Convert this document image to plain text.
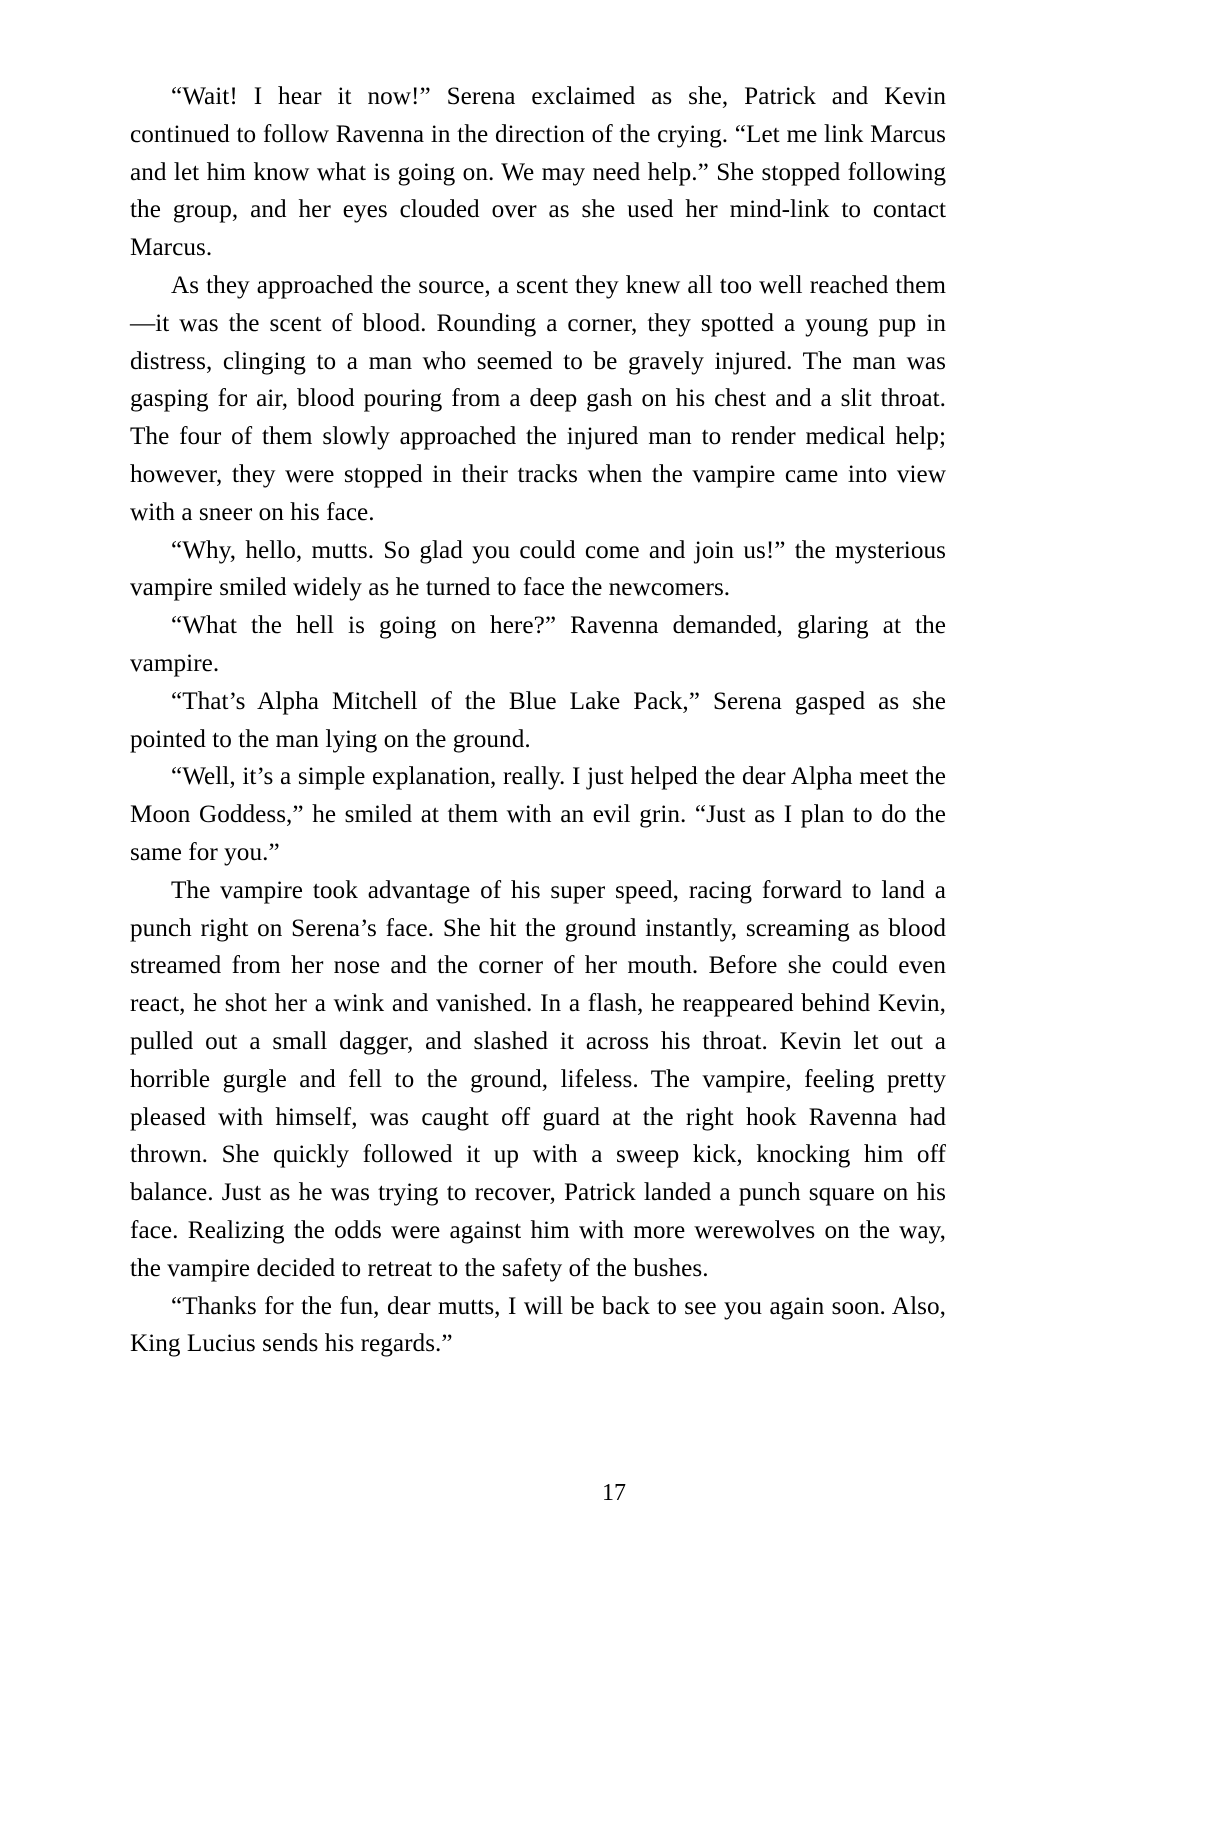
“Wait! I hear it now!” Serena exclaimed as she, Patrick and Kevin continued to follow Ravenna in the direction of the crying. “Let me link Marcus and let him know what is going on. We may need help.” She stopped following the group, and her eyes clouded over as she used her mind-link to contact Marcus.

As they approached the source, a scent they knew all too well reached them—it was the scent of blood. Rounding a corner, they spotted a young pup in distress, clinging to a man who seemed to be gravely injured. The man was gasping for air, blood pouring from a deep gash on his chest and a slit throat. The four of them slowly approached the injured man to render medical help; however, they were stopped in their tracks when the vampire came into view with a sneer on his face.

“Why, hello, mutts. So glad you could come and join us!” the mysterious vampire smiled widely as he turned to face the newcomers.

“What the hell is going on here?” Ravenna demanded, glaring at the vampire.

“That’s Alpha Mitchell of the Blue Lake Pack,” Serena gasped as she pointed to the man lying on the ground.

“Well, it’s a simple explanation, really. I just helped the dear Alpha meet the Moon Goddess,” he smiled at them with an evil grin. “Just as I plan to do the same for you.”

The vampire took advantage of his super speed, racing forward to land a punch right on Serena’s face. She hit the ground instantly, screaming as blood streamed from her nose and the corner of her mouth. Before she could even react, he shot her a wink and vanished. In a flash, he reappeared behind Kevin, pulled out a small dagger, and slashed it across his throat. Kevin let out a horrible gurgle and fell to the ground, lifeless. The vampire, feeling pretty pleased with himself, was caught off guard at the right hook Ravenna had thrown. She quickly followed it up with a sweep kick, knocking him off balance. Just as he was trying to recover, Patrick landed a punch square on his face. Realizing the odds were against him with more werewolves on the way, the vampire decided to retreat to the safety of the bushes.

“Thanks for the fun, dear mutts, I will be back to see you again soon. Also, King Lucius sends his regards.”

17
